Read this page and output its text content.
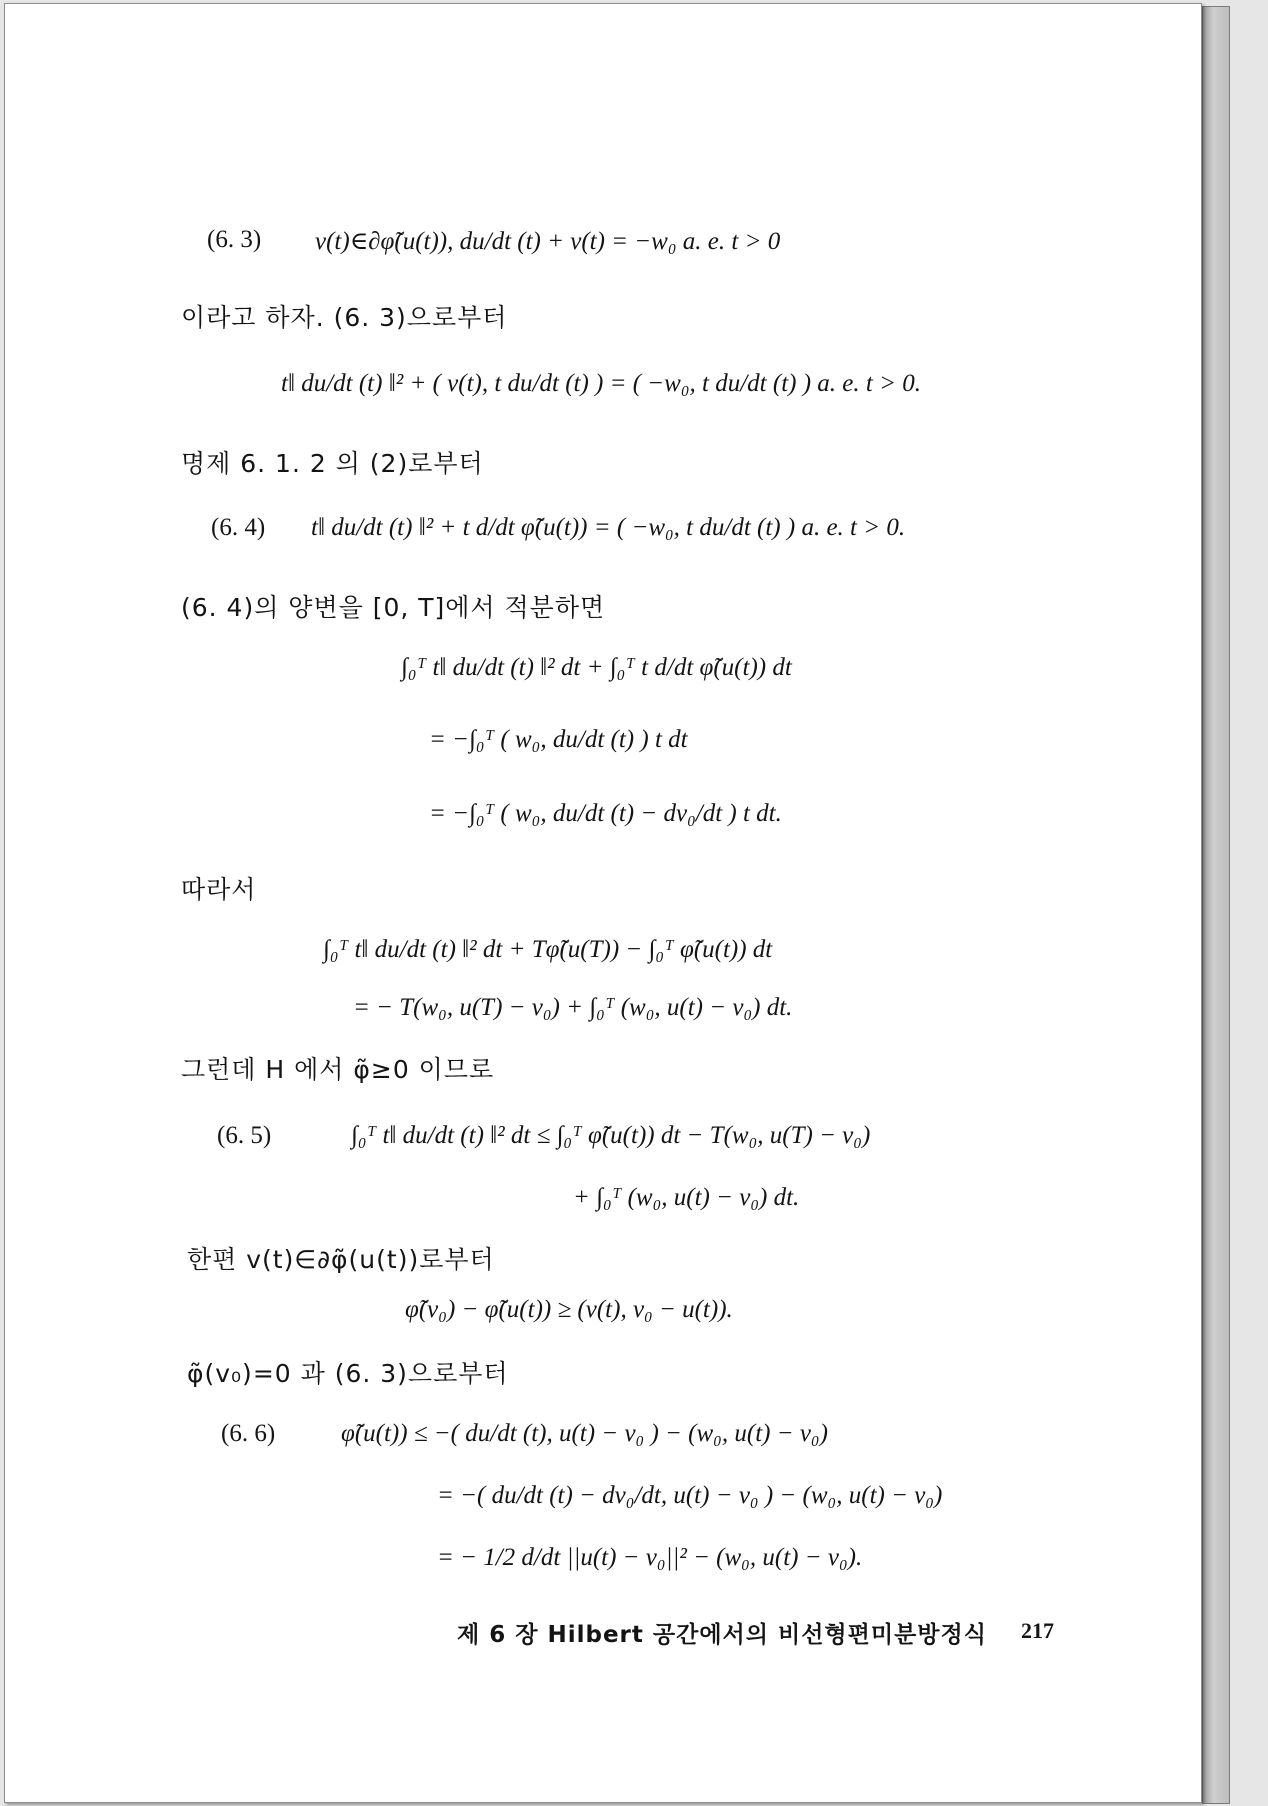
(6. 3) v(t)∈∂φ̃(u(t)), du/dt (t) + v(t) = −w₀ a. e. t > 0
이라고 하자. (6. 3)으로부터
t‖ du/dt (t) ‖² + ( v(t), t du/dt (t) ) = ( −w₀, t du/dt (t) ) a. e. t > 0.
명제 6. 1. 2 의 (2)로부터
(6. 4) t‖ du/dt (t) ‖² + t d/dt φ̃(u(t)) = ( −w₀, t du/dt (t) ) a. e. t > 0.
(6. 4)의 양변을 [0, T]에서 적분하면
∫₀ᵀ t‖ du/dt (t) ‖² dt + ∫₀ᵀ t d/dt φ̃(u(t)) dt
= −∫₀ᵀ ( w₀, du/dt (t) ) t dt
= −∫₀ᵀ ( w₀, du/dt (t) − dv₀/dt ) t dt.
따라서
∫₀ᵀ t‖ du/dt (t) ‖² dt + Tφ̃(u(T)) − ∫₀ᵀ φ̃(u(t)) dt
= − T(w₀, u(T) − v₀) + ∫₀ᵀ (w₀, u(t) − v₀) dt.
그런데 H 에서 φ̃≥0 이므로
(6. 5)	∫₀ᵀ t‖ du/dt (t) ‖² dt ≤ ∫₀ᵀ φ̃(u(t)) dt − T(w₀, u(T) − v₀)
+ ∫₀ᵀ (w₀, u(t) − v₀) dt.
한편 v(t)∈∂φ̃(u(t))로부터
φ̃(v₀) − φ̃(u(t)) ≥ (v(t), v₀ − u(t)).
φ̃(v₀)=0 과 (6. 3)으로부터
(6. 6)	φ̃(u(t)) ≤ −( du/dt (t), u(t) − v₀ ) − (w₀, u(t) − v₀)
= −( du/dt (t) − dv₀/dt, u(t) − v₀ ) − (w₀, u(t) − v₀)
= − 1/2 d/dt ||u(t) − v₀||² − (w₀, u(t) − v₀).
제 6 장 Hilbert 공간에서의 비선형편미분방정식 217
